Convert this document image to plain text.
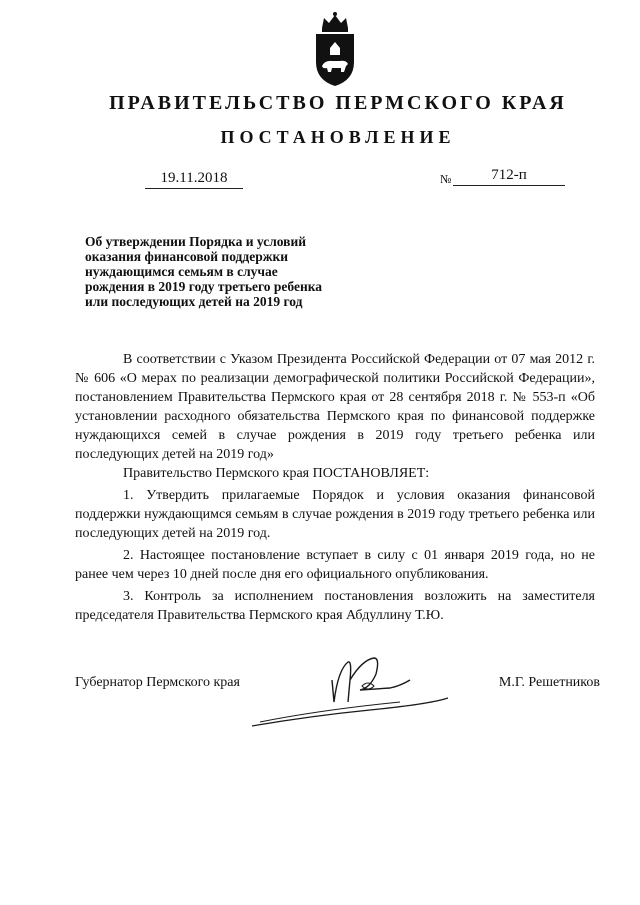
ПРАВИТЕЛЬСТВО ПЕРМСКОГО КРАЯ
ПОСТАНОВЛЕНИЕ
19.11.2018	№	712-п
Об утверждении Порядка и условий
оказания финансовой поддержки
нуждающимся семьям в случае
рождения в 2019 году третьего ребенка
или последующих детей на 2019 год

В соответствии с Указом Президента Российской Федерации от 07 мая 2012 г. № 606 «О мерах по реализации демографической политики Российской Федерации», постановлением Правительства Пермского края от 28 сентября 2018 г. № 553-п «Об установлении расходного обязательства Пермского края по финансовой поддержке нуждающихся семей в случае рождения в 2019 году третьего ребенка или последующих детей на 2019 год»

Правительство Пермского края ПОСТАНОВЛЯЕТ:

1. Утвердить прилагаемые Порядок и условия оказания финансовой поддержки нуждающимся семьям в случае рождения в 2019 году третьего ребенка или последующих детей на 2019 год.

2. Настоящее постановление вступает в силу с 01 января 2019 года, но не ранее чем через 10 дней после дня его официального опубликования.

3. Контроль за исполнением постановления возложить на заместителя председателя Правительства Пермского края Абдуллину Т.Ю.

Губернатор Пермского края	М.Г. Решетников
